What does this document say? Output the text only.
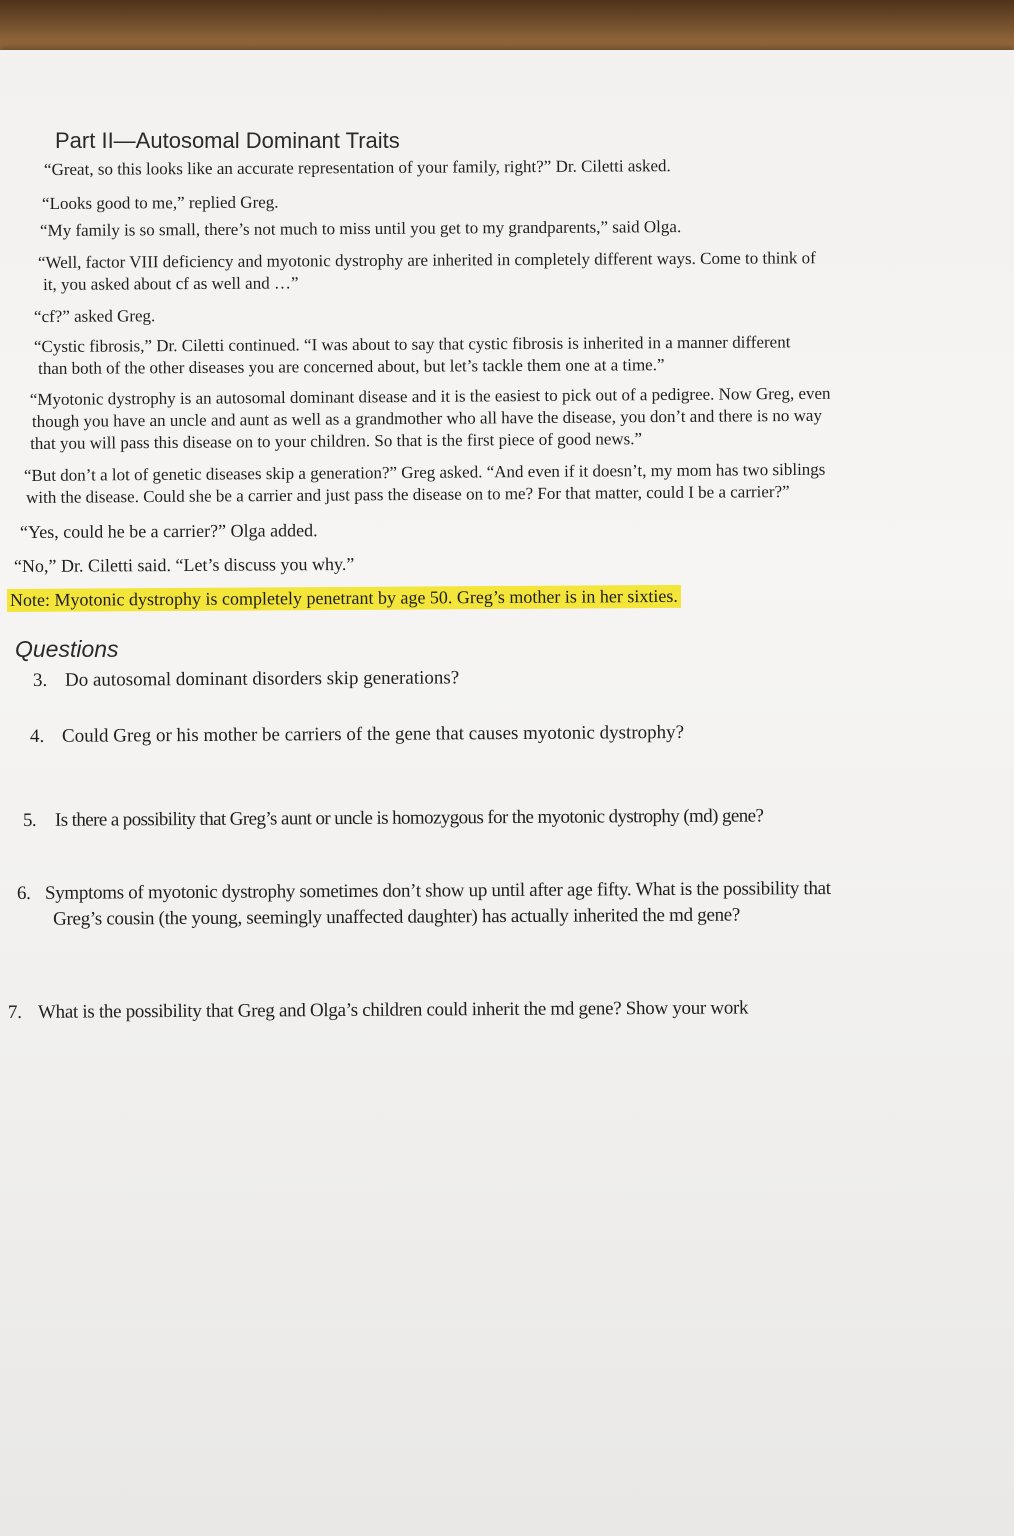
Part II—Autosomal Dominant Traits
“Great, so this looks like an accurate representation of your family, right?” Dr. Ciletti asked.
“Looks good to me,” replied Greg.
“My family is so small, there’s not much to miss until you get to my grandparents,” said Olga.
“Well, factor VIII deficiency and myotonic dystrophy are inherited in completely different ways. Come to think of
it, you asked about cf as well and …”
“cf?” asked Greg.
“Cystic fibrosis,” Dr. Ciletti continued. “I was about to say that cystic fibrosis is inherited in a manner different
than both of the other diseases you are concerned about, but let’s tackle them one at a time.”
“Myotonic dystrophy is an autosomal dominant disease and it is the easiest to pick out of a pedigree. Now Greg, even
though you have an uncle and aunt as well as a grandmother who all have the disease, you don’t and there is no way
that you will pass this disease on to your children. So that is the first piece of good news.”
“But don’t a lot of genetic diseases skip a generation?” Greg asked. “And even if it doesn’t, my mom has two siblings
with the disease. Could she be a carrier and just pass the disease on to me? For that matter, could I be a carrier?”
“Yes, could he be a carrier?” Olga added.
“No,” Dr. Ciletti said. “Let’s discuss you why.”
Note: Myotonic dystrophy is completely penetrant by age 50. Greg’s mother is in her sixties.
Questions
3. Do autosomal dominant disorders skip generations?
4. Could Greg or his mother be carriers of the gene that causes myotonic dystrophy?
5. Is there a possibility that Greg’s aunt or uncle is homozygous for the myotonic dystrophy (md) gene?
6. Symptoms of myotonic dystrophy sometimes don’t show up until after age fifty. What is the possibility that
Greg’s cousin (the young, seemingly unaffected daughter) has actually inherited the md gene?
7. What is the possibility that Greg and Olga’s children could inherit the md gene? Show your work
